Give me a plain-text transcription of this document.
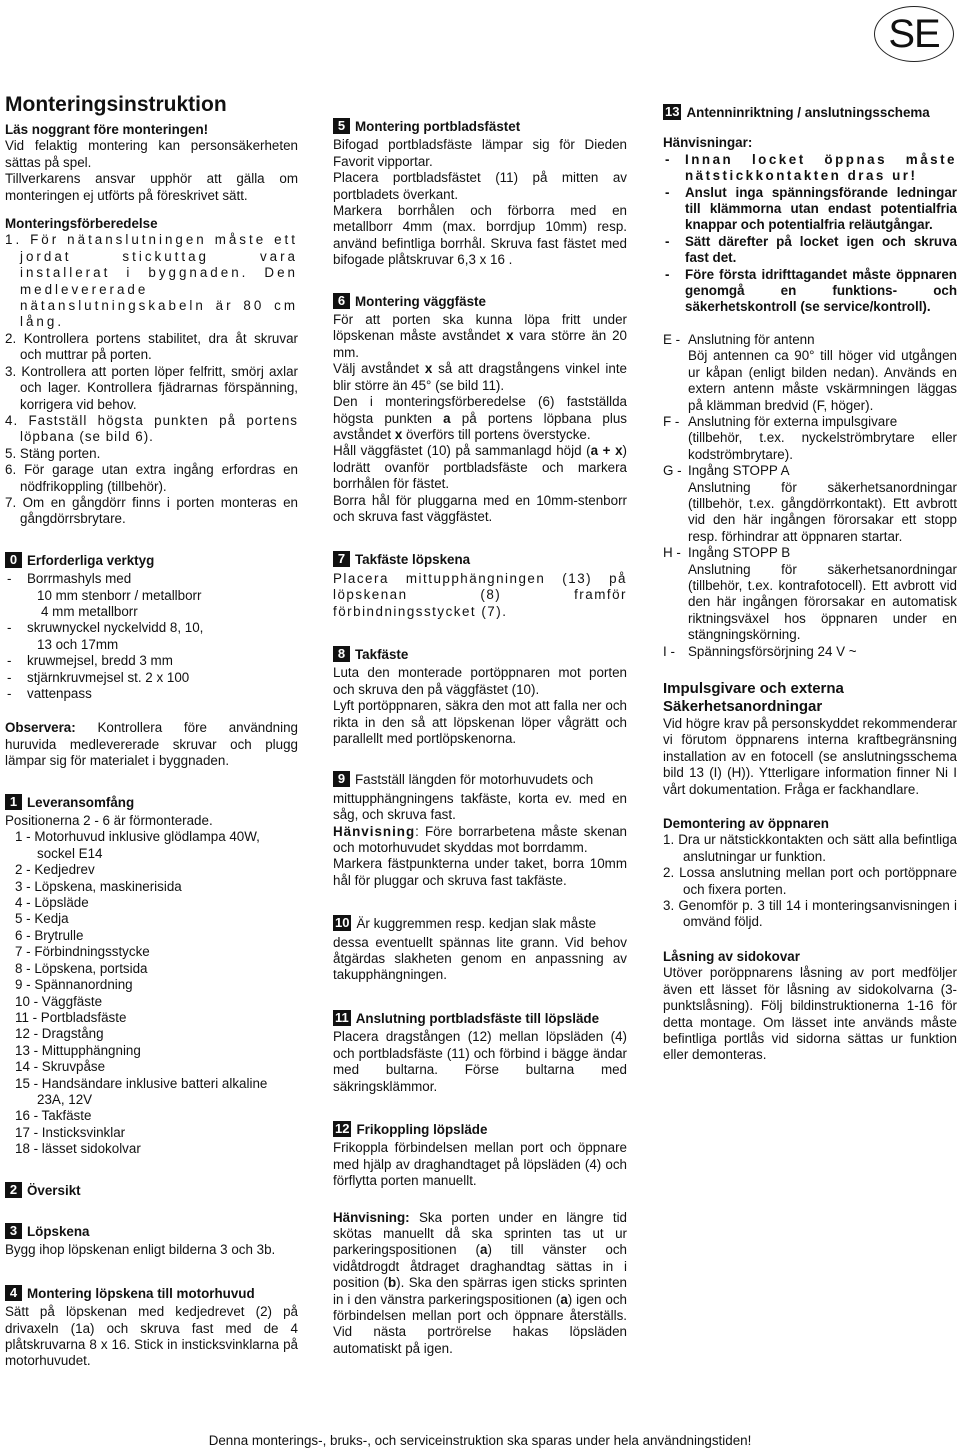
SE
Monteringsinstruktion

Läs noggrant före monteringen!

Vid felaktig montering kan personsäkerheten sättas på spel.

Tillverkarens ansvar upphör att gälla om monteringen ej utförts på föreskrivet sätt.

Monteringsförberedelse

1. För nätanslutningen måste ett jordat stickuttag vara installerat i byggnaden. Den medlevererade nätanslutningskabeln är 80 cm lång.

2. Kontrollera portens stabilitet, dra åt skruvar och muttrar på porten.

3. Kontrollera att porten löper felfritt, smörj axlar och lager. Kontrollera fjädrarnas förspänning, korrigera vid behov.

4. Fastställ högsta punkten på portens löpbana (se bild 6).

5. Stäng porten.

6. För garage utan extra ingång erfordras en nödfrikoppling (tillbehör).

7. Om en gångdörr finns i porten monteras en gångdörrsbrytare.

0 Erforderliga verktyg

- Borrmashyls med

10 mm stenborr / metallborr
4 mm metallborr

- skruwnyckel nyckelvidd 8, 10,

13 och 17mm

- kruwmejsel, bredd 3 mm

- stjärnkruvmejsel st. 2 x 100

- vattenpass

Observera: Kontrollera före användning huruvida medlevererade skruvar och plugg lämpar sig för materialet i byggnaden.

1 Leveransomfång

Positionerna 2 - 6 är förmonterade.

1 - Motorhuvud inklusive glödlampa 40W,

sockel E14

2 - Kedjedrev

3 - Löpskena, maskinerisida

4 - Löpsläde

5 - Kedja

6 - Brytrulle

7 - Förbindningsstycke

8 - Löpskena, portsida

9 - Spännanordning

10 - Väggfäste

11 - Portbladsfäste

12 - Dragstång

13 - Mittupphängning

14 - Skruvpåse

15 - Handsändare inklusive batteri alkaline

23A, 12V

16 - Takfäste

17 - Insticksvinklar

18 - lässet sidokolvar

2 Översikt
3 Löpskena

Bygg ihop löpskenan enligt bilderna 3 och 3b.

4 Montering löpskena till motorhuvud

Sätt på löpskenan med kedjedrevet (2) på drivaxeln (1a) och skruva fast med de 4 plåtskruvarna 8 x 16. Stick in insticksvinklarna på motorhuvudet.

5 Montering portbladsfästet

Bifogad portbladsfäste lämpar sig för Dieden Favorit vipportar.

Placera portbladsfästet (11) på mitten av portbladets överkant.

Markera borrhålen och förborra med en metallborr 4mm (max. borrdjup 10mm) resp. använd befintliga borrhål. Skruva fast fästet med bifogade plåtskruvar 6,3 x 16 .

6 Montering väggfäste

För att porten ska kunna löpa fritt under löpskenan måste avståndet x vara större än 20 mm.

Välj avståndet x så att dragstångens vinkel inte blir större än 45° (se bild 11).

Den i monteringsförberedelse (6) fastställda högsta punkten a på portens löpbana plus avståndet x överförs till portens överstycke.

Håll väggfästet (10) på sammanlagd höjd (a + x) lodrätt ovanför portbladsfäste och markera borrhålen för fästet.

Borra hål för pluggarna med en 10mm-stenborr och skruva fast väggfästet.

7 Takfäste löpskena

Placera mittupphängningen (13) på löpskenan (8) framför förbindningsstycket (7).

8 Takfäste

Luta den monterade portöppnaren mot porten och skruva den på väggfästet (10).

Lyft portöppnaren, säkra den mot att falla ner och rikta in den så att löpskenan löper vågrätt och parallellt med portlöpskenorna.

9 Fastställ längden för motorhuvudets och

mittupphängningens takfäste, korta ev. med en såg, och skruva fast.

Hänvisning: Före borrarbetena måste skenan och motorhuvudet skyddas mot borrdamm.

Markera fästpunkterna under taket, borra 10mm hål för pluggar och skruva fast takfäste.

10 Är kuggremmen resp. kedjan slak måste

dessa eventuellt spännas lite grann. Vid behov åtgärdas slakheten genom en anpassning av takupphängningen.

11 Anslutning portbladsfäste till löpsläde

Placera dragstången (12) mellan löpsläden (4) och portbladsfäste (11) och förbind i bägge ändar med bultarna. Förse bultarna med säkringsklämmor.

12 Frikoppling löpsläde

Frikoppla förbindelsen mellan port och öppnare med hjälp av draghandtaget på löpsläden (4) och förflytta porten manuellt.

Hänvisning: Ska porten under en längre tid skötas manuellt då ska sprinten tas ut ur parkeringspositionen (a) till vänster och vidåtdrogdt åtdraget draghandtag sättas in i position (b). Ska den spärras igen sticks sprinten in i den vänstra parkeringspositionen (a) igen och förbindelsen mellan port och öppnare återställs. Vid nästa portrörelse hakas löpsläden automatiskt på igen.

13 Antenninriktning / anslutningsschema

Hänvisningar:

- Innan locket öppnas måste nätstickkontakten dras ur!

- Anslut inga spänningsförande ledningar till klämmorna utan endast potentialfria knappar och potentialfria reläutgångar.

- Sätt därefter på locket igen och skruva fast det.

- Före första idrifttagandet måste öppnaren genomgå en funktions- och säkerhetskontroll (se service/kontroll).

E - Anslutning för antenn

Böj antennen ca 90° till höger vid utgången ur kåpan (enligt bilden nedan). Används en extern antenn måste vskärmningen läggas på klämman bredvid (F, höger).

F - Anslutning för externa impulsgivare

(tillbehör, t.ex. nyckelströmbrytare eller kodströmbrytare).

G - Ingång STOPP A

Anslutning för säkerhetsanordningar (tillbehör, t.ex. gångdörrkontakt). Ett avbrott vid den här ingången förorsakar ett stopp resp. förhindrar att öppnaren startar.

H - Ingång STOPP B

Anslutning för säkerhetsanordningar (tillbehör, t.ex. kontrafotocell). Ett avbrott vid den här ingången förorsakar en automatisk riktningsväxel hos öppnaren under en stängningskörning.

I - Spänningsförsörjning 24 V ~

Impulsgivare och externa Säkerhetsanordningar

Vid högre krav på personskyddet rekommenderar vi förutom öppnarens interna kraftbegränsning installation av en fotocell (se anslutningsschema bild 13 (I) (H)). Ytterligare information finner Ni I vårt dokumentation. Fråga er fackhandlare.

Demontering av öppnaren

1. Dra ur nätstickkontakten och sätt alla befintliga anslutningar ur funktion.

2. Lossa anslutning mellan port och portöppnare och fixera porten.

3. Genomför p. 3 till 14 i monteringsanvisningen i omvänd följd.

Låsning av sidokovar

Utöver poröppnarens låsning av port medföljer även ett lässet för låsning av sidokolvarna (3-punktslåsning). Följ bildinstruktionerna 1-16 för detta montage. Om lässet inte används måste befintliga portlås vid sidorna sättas ur funktion eller demonteras.

Denna monterings-, bruks-, och serviceinstruktion ska sparas under hela användningstiden!
